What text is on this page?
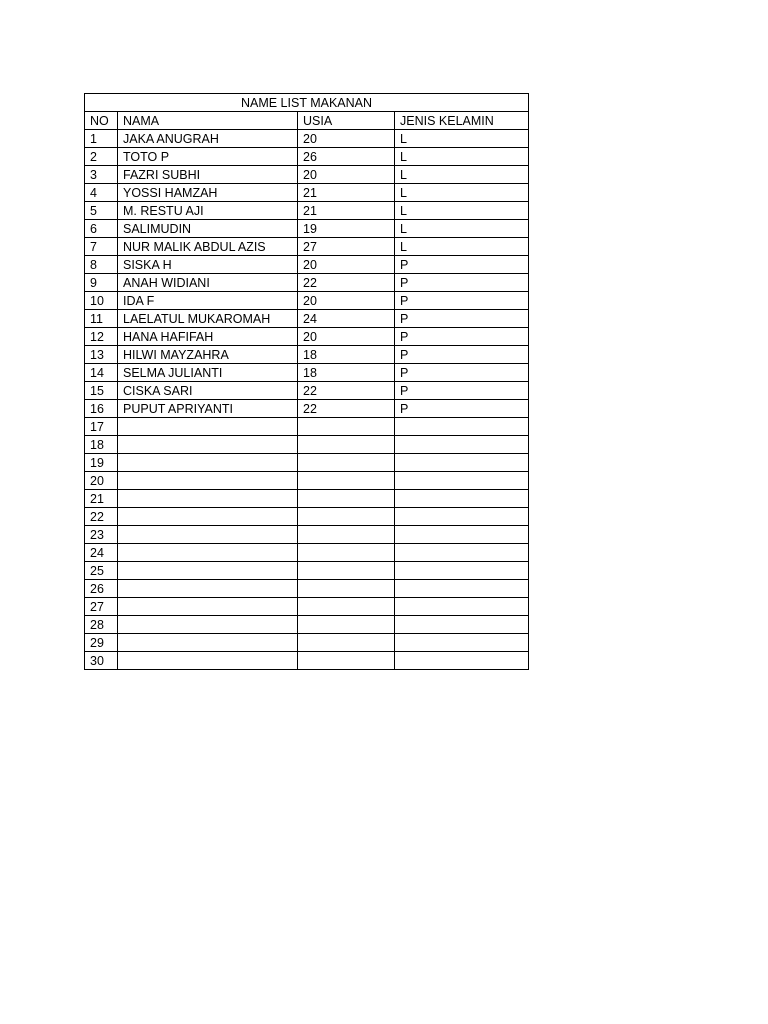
NAME LIST MAKANAN			
NO	NAMA	USIA	JENIS KELAMIN
1	JAKA ANUGRAH	20	L
2	TOTO P	26	L
3	FAZRI SUBHI	20	L
4	YOSSI HAMZAH	21	L
5	M. RESTU AJI	21	L
6	SALIMUDIN	19	L
7	NUR MALIK ABDUL AZIS	27	L
8	SISKA H	20	P
9	ANAH WIDIANI	22	P
10	IDA F	20	P
11	LAELATUL MUKAROMAH	24	P
12	HANA HAFIFAH	20	P
13	HILWI MAYZAHRA	18	P
14	SELMA JULIANTI	18	P
15	CISKA SARI	22	P
16	PUPUT APRIYANTI	22	P
17			
18			
19			
20			
21			
22			
23			
24			
25			
26			
27			
28			
29			
30			
